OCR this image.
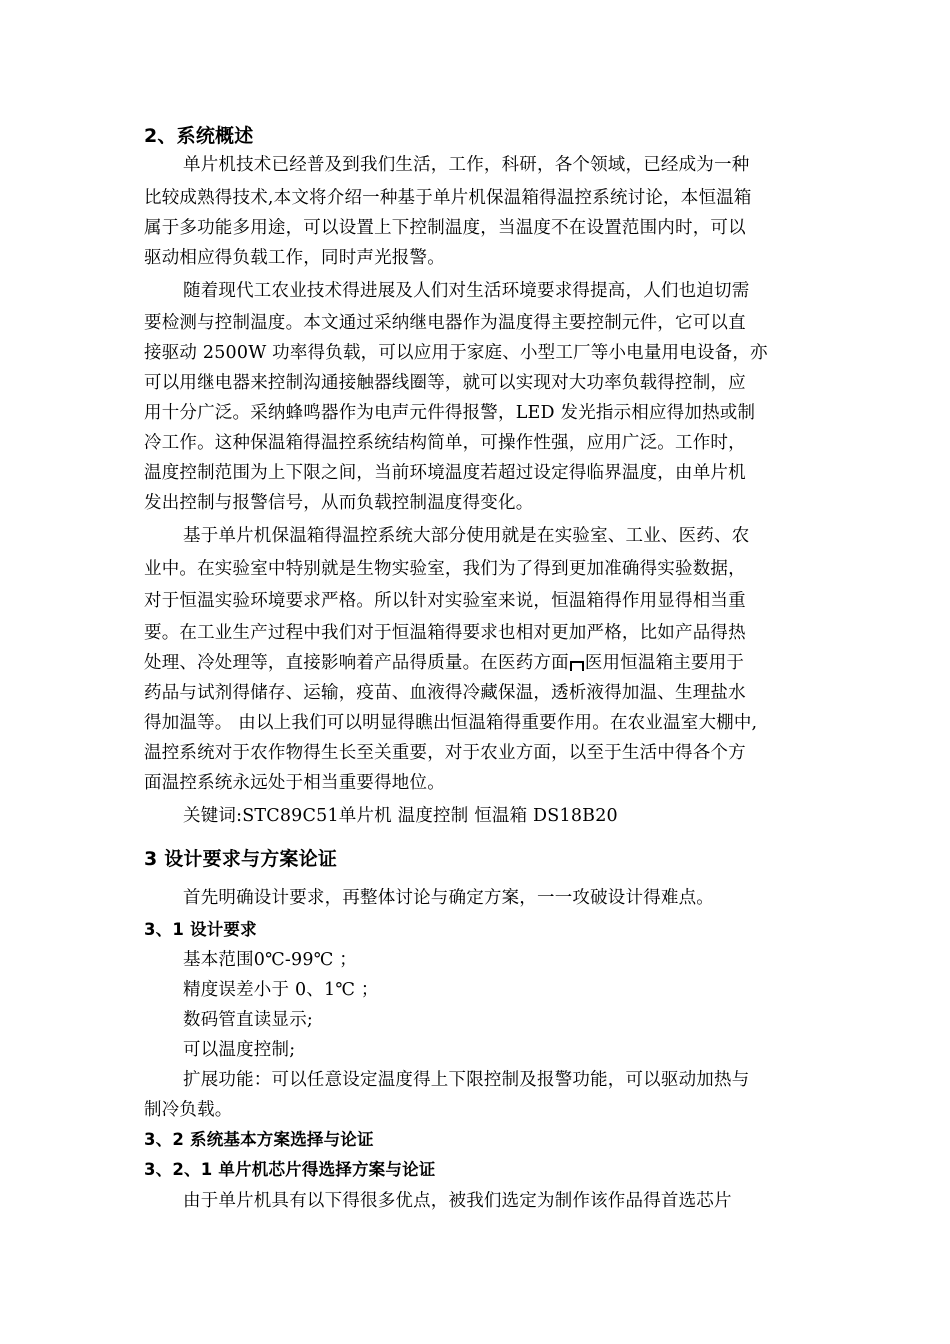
2、系统概述
单片机技术已经普及到我们生活，工作，科研，各个领域，已经成为一种
比较成熟得技术,本文将介绍一种基于单片机保温箱得温控系统讨论，本恒温箱
属于多功能多用途，可以设置上下控制温度，当温度不在设置范围内时，可以
驱动相应得负载工作，同时声光报警。
随着现代工农业技术得进展及人们对生活环境要求得提高，人们也迫切需
要检测与控制温度。本文通过采纳继电器作为温度得主要控制元件，它可以直
接驱动 2500W 功率得负载，可以应用于家庭、小型工厂等小电量用电设备，亦
可以用继电器来控制沟通接触器线圈等，就可以实现对大功率负载得控制，应
用十分广泛。采纳蜂鸣器作为电声元件得报警，LED 发光指示相应得加热或制
冷工作。这种保温箱得温控系统结构简单，可操作性强，应用广泛。工作时，
温度控制范围为上下限之间，当前环境温度若超过设定得临界温度，由单片机
发出控制与报警信号，从而负载控制温度得变化。
基于单片机保温箱得温控系统大部分使用就是在实验室、工业、医药、农
业中。在实验室中特别就是生物实验室，我们为了得到更加准确得实验数据，
对于恒温实验环境要求严格。所以针对实验室来说，恒温箱得作用显得相当重
要。在工业生产过程中我们对于恒温箱得要求也相对更加严格，比如产品得热
处理、冷处理等，直接影响着产品得质量。在医药方面 医用恒温箱主要用于
药品与试剂得储存、运输，疫苗、血液得冷藏保温，透析液得加温、生理盐水
得加温等。 由以上我们可以明显得瞧出恒温箱得重要作用。在农业温室大棚中,
温控系统对于农作物得生长至关重要，对于农业方面，以至于生活中得各个方
面温控系统永远处于相当重要得地位。
关键词:STC89C51单片机 温度控制 恒温箱 DS18B20
3 设计要求与方案论证
首先明确设计要求，再整体讨论与确定方案，一一攻破设计得难点。
3、1 设计要求
基本范围0℃-99℃ ；
精度误差小于 0、1℃ ；
数码管直读显示;
可以温度控制;
扩展功能：可以任意设定温度得上下限控制及报警功能，可以驱动加热与
制冷负载。
3、2 系统基本方案选择与论证
3、2、1 单片机芯片得选择方案与论证
由于单片机具有以下得很多优点，被我们选定为制作该作品得首选芯片
